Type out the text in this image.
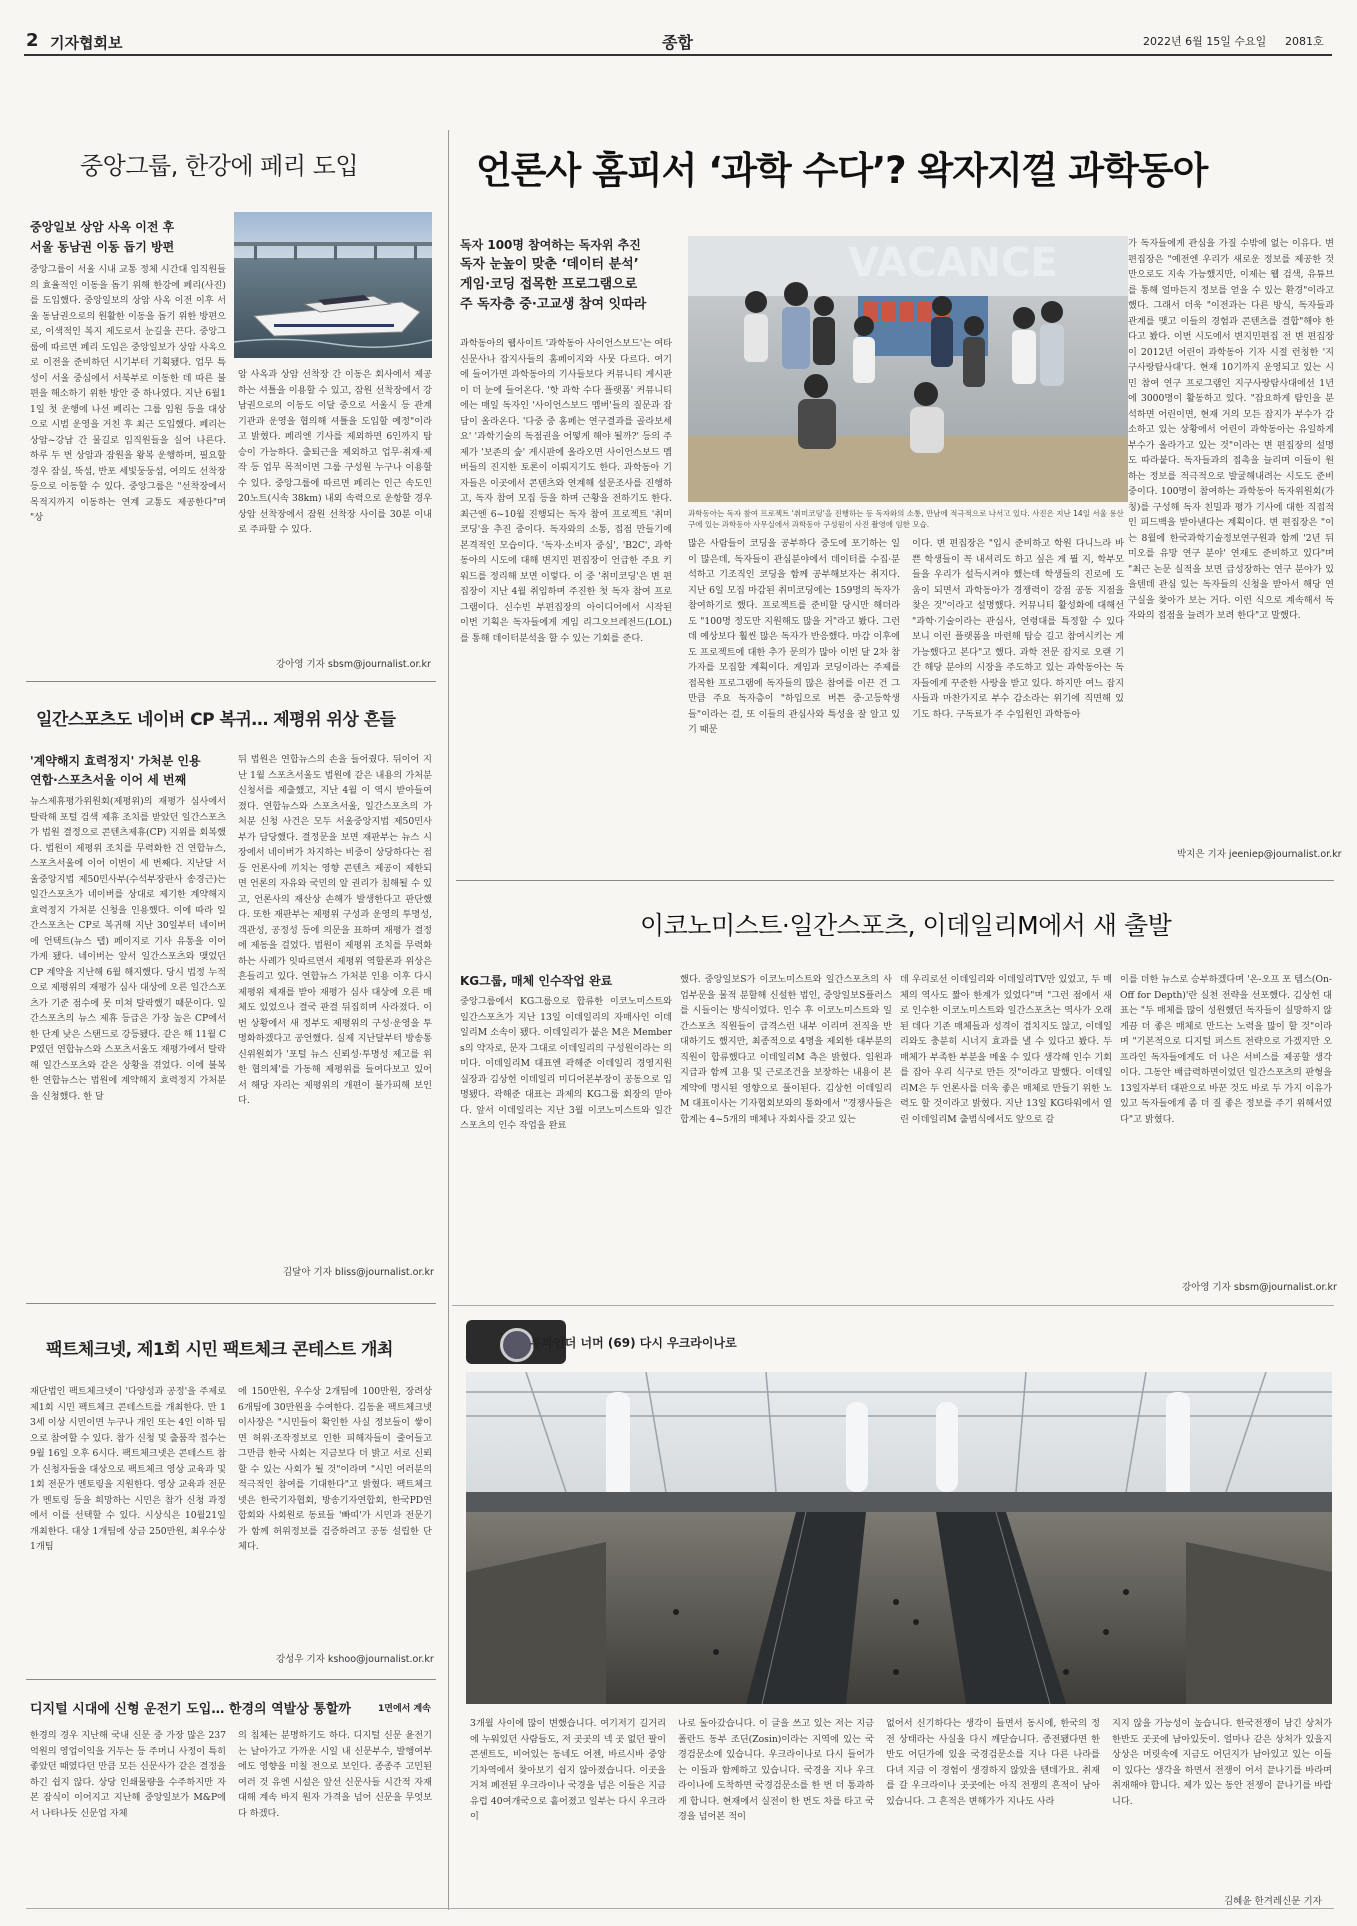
2 기자협회보	종합	2022년 6월 15일 수요일 2081호
중앙그룹, 한강에 페리 도입
중앙일보 상암 사옥 이전 후
서울 동남권 이동 돕기 방편
중앙그룹이 서울 시내 교통 정체 시간대 임직원들의 효율적인 이동을 돕기 위해 한강에 페리(사진)를 도입했다. 중앙일보의 상암 사옥 이전 이후 서울 동남권으로의 원활한 이동을 돕기 위한 방편으로, 이색적인 복지 제도로서 눈길을 끈다. 중앙그룹에 따르면 페리 도입은 중앙일보가 상암 사옥으로 이전을 준비하던 시기부터 기획됐다. 업무 특성이 서울 중심에서 서북부로 이동한 데 따른 불편을 해소하기 위한 방안 중 하나였다. 지난 6월11일 첫 운행에 나선 페리는 그룹 임원 등을 대상으로 시범 운영을 거친 후 최근 도입했다. 페리는 상암~강남 간 물길로 임직원들을 실어 나른다. 하루 두 번 상암과 잠원을 왕복 운행하며, 필요할 경우 잠실, 뚝섬, 반포 세빛둥둥섬, 여의도 선착장 등으로 이동할 수 있다. 중앙그룹은 "선착장에서 목적지까지 이동하는 연계 교통도 제공한다"며 "상
암 사옥과 상암 선착장 간 이동은 회사에서 제공하는 셔틀을 이용할 수 있고, 잠원 선착장에서 강남권으로의 이동도 이달 중으로 서울시 등 관계 기관과 운영을 협의해 셔틀을 도입할 예정"이라고 밝혔다. 페리엔 기사를 제외하면 6인까지 탑승이 가능하다. 출퇴근을 제외하고 업무·취재·제작 등 업무 목적이면 그룹 구성원 누구나 이용할 수 있다. 중앙그룹에 따르면 페리는 인근 속도인 20노트(시속 38km) 내외 속력으로 운항할 경우 상암 선착장에서 잠원 선착장 사이를 30분 이내로 주파할 수 있다.
강아영 기자 sbsm@journalist.or.kr
일간스포츠도 네이버 CP 복귀… 제평위 위상 흔들
'계약해지 효력정지' 가처분 인용
연합·스포츠서울 이어 세 번째
뉴스제휴평가위원회(제평위)의 재평가 심사에서 탈락해 포털 검색 제휴 조치를 받았던 일간스포츠가 법원 결정으로 콘텐츠제휴(CP) 지위를 회복했다. 법원이 제평위 조치를 무력화한 건 연합뉴스, 스포츠서울에 이어 이번이 세 번째다. 지난달 서울중앙지법 제50민사부(수석부장판사 송경근)는 일간스포츠가 네이버를 상대로 제기한 계약해지 효력정지 가처분 신청을 인용했다. 이에 따라 일간스포츠는 CP로 복귀해 지난 30일부터 네이버에 언택트(뉴스 탭) 페이지로 기사 유통을 이어 가게 됐다. 네이버는 앞서 일간스포츠와 맺었던 CP 계약을 지난해 6월 해지했다. 당시 법정 누적으로 제평위의 재평가 심사 대상에 오른 일간스포츠가 기준 점수에 못 미쳐 탈락했기 때문이다. 일간스포츠의 뉴스 제휴 등급은 가장 높은 CP에서 한 단계 낮은 스탠드로 강등됐다. 같은 해 11월 CP였던 연합뉴스와 스포츠서울도 재평가에서 탈락해 일간스포츠와 같은 상황을 겪었다. 이에 불복한 연합뉴스는 법원에 계약해지 효력정지 가처분을 신청했다. 한 달
뒤 법원은 연합뉴스의 손을 들어줬다. 뒤이어 지난 1월 스포츠서울도 법원에 같은 내용의 가처분 신청서를 제출했고, 지난 4월 이 역시 받아들여졌다. 연합뉴스와 스포츠서울, 일간스포츠의 가처분 신청 사건은 모두 서울중앙지법 제50민사부가 담당했다. 결정문을 보면 재판부는 뉴스 시장에서 네이버가 차지하는 비중이 상당하다는 점 등 언론사에 끼치는 영향 콘텐츠 제공이 제한되면 언론의 자유와 국민의 알 권리가 침해될 수 있고, 언론사의 재산상 손해가 발생한다고 판단했다. 또한 재판부는 제평위 구성과 운영의 투명성, 객관성, 공정성 등에 의문을 표하며 재평가 결정에 제동을 걸었다. 법원이 제평위 조치를 무력화하는 사례가 잇따르면서 제평위 역할론과 위상은 흔들리고 있다. 연합뉴스 가처분 인용 이후 다시 제평위 제재를 받아 재평가 심사 대상에 오른 매체도 있었으나 결국 판결 뒤집히며 사라졌다. 이번 상황에서 새 정부도 제평위의 구성·운영을 투명화하겠다고 공언했다. 실제 지난달부터 방송통신위원회가 '포털 뉴스 신뢰성·투명성 제고를 위한 협의체'를 가동해 제평위를 들여다보고 있어서 해당 자리는 제평위의 개편이 불가피해 보인다.
김달아 기자 bliss@journalist.or.kr
팩트체크넷, 제1회 시민 팩트체크 콘테스트 개최
재단법인 팩트체크넷이 '다양성과 공정'을 주제로 제1회 시민 팩트체크 콘테스트를 개최한다. 만 13세 이상 시민이면 누구나 개인 또는 4인 이하 팀으로 참여할 수 있다. 참가 신청 및 출품작 접수는 9월 16일 오후 6시다. 팩트체크넷은 콘테스트 참가 신청자들을 대상으로 팩트체크 영상 교육과 및 1회 전문가 멘토링을 지원한다. 영상 교육과 전문가 멘토링 등을 희망하는 시민은 참가 신청 과정에서 이를 선택할 수 있다. 시상식은 10월21일 개최한다. 대상 1개팀에 상금 250만원, 최우수상 1개팀
에 150만원, 우수상 2개팀에 100만원, 장려상 6개팀에 30만원을 수여한다. 김동윤 팩트체크넷 이사장은 "시민들이 확인한 사실 정보들이 쌓이면 허위·조작정보로 인한 피해자들이 줄어들고 그만큼 한국 사회는 지금보다 더 밝고 서로 신뢰할 수 있는 사회가 될 것"이라며 "시민 여러분의 적극적인 참여를 기대한다"고 밝혔다. 팩트체크넷은 한국기자협회, 방송기자연합회, 한국PD연합회와 사회원로 동료들 '빠띠'가 시민과 전문기가 함께 허위정보를 검증하려고 공동 설립한 단체다.
강성우 기자 kshoo@journalist.or.kr
디지털 시대에 신형 운전기 도입… 한경의 역발상 통할까	1면에서 계속
한경의 경우 지난해 국내 신문 중 가장 많은 237억원의 영업이익을 거두는 등 주머니 사정이 특히 좋았던 때였다던 만큼 모든 신문사가 같은 결정을 하긴 쉽지 않다. 상당 인쇄물량을 수주하지만 자본 잠식이 이어지고 지난해 중앙일보가 M&P에서 나타나듯 신문업 자체
의 침체는 분명하기도 하다. 디지털 신문 윤전기는 날아가고 가까운 시일 내 신문부수, 발행여부에도 영향을 미칠 전으로 보인다. 종종주 고민된 여러 것 유엔 시설은 앞선 신문사들 시간적 자재 대해 계속 바지 원자 가격을 넘어 신문을 무엇보다 하겠다.
언론사 홈피서 ‘과학 수다’? 왁자지껄 과학동아
독자 100명 참여하는 독자위 추진
독자 눈높이 맞춘 ‘데이터 분석’
게임·코딩 접목한 프로그램으로
주 독자층 중·고교생 참여 잇따라
과학동아의 웹사이트 '과학동아 사이언스보드'는 여타 신문사나 잡지사들의 홈페이지와 사뭇 다르다. 여기에 들어가면 과학동아의 기사들보다 커뮤니티 게시판이 더 눈에 들어온다. '핫 과학 수다 플랫폼' 커뮤니티에는 매일 독자인 '사이언스보드 멤버'들의 질문과 잡담이 올라온다. '다중 중 홈페는 연구결과를 골라보세요' '과학기술의 독점권을 어떻게 해야 될까?' 등의 주제가 '보존의 숲' 게시판에 올라오면 사이언스보드 멤버들의 진지한 토론이 이뤄지기도 한다. 과학동아 기자들은 이곳에서 콘텐츠와 연계해 설문조사를 진행하고, 독자 참여 모집 등을 하며 근황을 전하기도 한다. 최근엔 6~10월 진행되는 독자 참여 프로젝트 '취미 코딩'을 추진 중이다. 독자와의 소통, 접점 만들기에 본격적인 모습이다. '독자·소비자 중심', 'B2C', 과학동아의 시도에 대해 변지민 편집장이 언급한 주요 키워드를 정리해 보면 이렇다. 이 중 '취미코딩'은 변 편집장이 지난 4월 취임하며 주진한 첫 독자 참여 프로그램이다. 신수빈 부편집장의 아이디어에서 시작된 이번 기획은 독자들에게 게임 리그오브레전드(LOL)를 통해 데이터분석을 할 수 있는 기회를 준다.
VACANCE
과학동아는 독자 참여 프로젝트 '취미코딩'을 진행하는 등 독자와의 소통, 만남에 적극적으로 나서고 있다. 사진은 지난 14일 서울 용산구에 있는 과학동아 사무실에서 과학동아 구성원이 사진 촬영에 임한 모습.
많은 사람들이 코딩을 공부하다 중도에 포기하는 일이 많은데, 독자들이 관심분야에서 데이터를 수집·분석하고 기조직인 코딩을 함께 공부해보자는 취지다. 지난 6일 모집 마감된 취미코딩에는 159명의 독자가 참여하기로 했다. 프로젝트를 준비할 당시만 해더라도 "100명 정도만 지원해도 많을 거"라고 봤다. 그런데 예상보다 훨씬 많은 독자가 반응했다. 마감 이후에도 프로젝트에 대한 추가 문의가 많아 이번 달 2차 참가자를 모집할 계획이다. 게임과 코딩이라는 주제를 접목한 프로그램에 독자들의 많은 참여를 이끈 건 그만큼 주요 독자층이 "하입으로 버튼 중·고등학생들"이라는 걸, 또 이들의 관심사와 특성을 잘 알고 있기 때문
이다. 변 편집장은 "입시 준비하고 학원 다니느라 바쁜 학생들이 꼭 내셔리도 하고 싶은 게 뭘 지, 학부모들을 우리가 설득시켜야 했는데 학생들의 진로에 도움이 되면서 과학동아가 경쟁력이 강점 공동 지점을 찾은 것"이라고 설명했다. 커뮤니티 활성화에 대해선 "과학·기술이라는 관심사, 연령대를 특정할 수 있다 보니 이런 플랫폼을 마련해 탑승 길고 참여시키는 게 가능했다고 본다"고 했다. 과학 전문 잡지로 오랜 기간 해당 분야의 시장을 주도하고 있는 과학동아는 독자들에게 꾸준한 사랑을 받고 있다. 하지만 여느 잡지사들과 마찬가지로 부수 감소라는 위기에 직면해 있기도 하다. 구독료가 주 수입원인 과학동아
가 독자들에게 관심을 가질 수밖에 없는 이유다. 변 편집장은 "예전엔 우리가 새로운 정보를 제공한 것만으로도 지속 가능했지만, 이제는 웹 검색, 유튜브를 통해 얼마든지 정보를 얻을 수 있는 환경"이라고 했다. 그래서 더욱 "이전과는 다른 방식, 독자들과 관계를 맺고 이들의 경험과 콘텐츠를 결합"해야 한다고 봤다. 이번 시도에서 변지민편집 전 변 편집장이 2012년 어린이 과학동아 기자 시절 런칭한 '지구사랑탐사대'다. 현재 10기까지 운영되고 있는 시민 참여 연구 프로그램인 지구사랑탐사대에선 1년에 3000명이 활동하고 있다. "잡요하게 탐인을 분석하면 어린이면, 현재 거의 모든 잡지가 부수가 감소하고 있는 상황에서 어린이 과학동아는 유일하게 부수가 올라가고 있는 것"이라는 변 편집장의 설명도 따라붙다. 독자들과의 접촉을 늘리며 이들이 원하는 정보를 적극적으로 발굴해내려는 시도도 준비 중이다. 100명이 참여하는 과학동아 독자위원회(가칭)를 구성해 독자 친밀과 평가 기사에 대한 직접적인 피드백을 받아낸다는 계획이다. 변 편집장은 "이는 8월에 한국과학기술정보연구원과 함께 '2년 뒤 미오를 유망 연구 분야' 연재도 준비하고 있다"며 "최근 논문 실적을 보면 급성장하는 연구 분야가 있을텐데 관심 있는 독자들의 신청을 받아서 해당 연구실을 찾아가 보는 거다. 이런 식으로 계속해서 독자와의 접점을 늘려가 보려 한다"고 말했다.
박지은 기자 jeeniep@journalist.or.kr
이코노미스트·일간스포츠, 이데일리M에서 새 출발
KG그룹, 매체 인수작업 완료
중앙그룹에서 KG그룹으로 합류한 이코노미스트와 일간스포츠가 지난 13일 이데일리의 자매사인 이데일리M 소속이 됐다. 이데일리가 붙은 M은 Members의 약자로, 문자 그대로 이데일리의 구성원이라는 의미다. 이데일리M 대표엔 곽해준 이데일리 경영지원실장과 김상헌 이데일리 미디어본부장이 공동으로 임명됐다. 곽해준 대표는 과제의 KG그룹 회장의 맏아다. 앞서 이데일리는 지난 3월 이코노미스트와 일간스포츠의 인수 작업을 완료
했다. 중앙일보S가 이코노미스트와 일간스포츠의 사업부문을 물적 분할해 신설한 법인, 중앙일보S플러스를 시들이는 방식이었다. 인수 후 이코노미스트와 일간스포츠 직원들이 급격스런 내부 이리며 전직을 반대하기도 했지만, 최종적으로 4명을 제외한 대부분의 직원이 합류했다고 이데일리M 측은 밝혔다. 임원과 지급과 함께 고용 및 근로조건을 보장하는 내용이 본 계약에 명시된 영향으로 풀이된다. 김상헌 이데일리M 대표이사는 기자협회보와의 통화에서 "경쟁사들은 합계는 4~5개의 매체나 자회사를 갖고 있는
데 우리로선 이데일리와 이데일리TV만 있었고, 두 매체의 역사도 짧아 한계가 있었다"며 "그런 점에서 새로 인수한 이코노미스트와 일간스포츠는 역사가 오래된 데다 기존 매체들과 성격이 겹치지도 않고, 이데일리와도 충분히 시너지 효과를 낼 수 있다고 봤다. 두 매체가 부족한 부분을 메울 수 있다 생각해 인수 기회를 잡아 우리 식구로 만든 것"이라고 말했다. 이데일리M은 두 언론사를 더욱 좋은 매체로 만들기 위한 노력도 할 것이라고 밝혔다. 지난 13일 KG타워에서 열린 이데일리M 출범식에서도 앞으로 갈
이를 더한 뉴스로 승부하겠다며 '온-오프 포 템스(On-Off for Depth)'란 실천 전략을 선포했다. 김상헌 대표는 "두 매체를 많이 성원했던 독자들이 실망하지 않게끔 더 좋은 매체로 만드는 노력을 많이 할 것"이라며 "기본적으로 디지털 퍼스트 전략으로 가겠지만 오프라인 독자들에게도 더 나은 서비스를 제공할 생각이다. 그동안 배급력하면이었던 일간스포츠의 판형을 13일자부터 대판으로 바꾼 것도 바로 두 가지 이유가 있고 독자들에게 좀 더 질 좋은 정보를 주기 위해서였다"고 밝혔다.
강아영 기자 sbsm@journalist.or.kr
뷰파인더 너머 (69) 다시 우크라이나로
3개월 사이에 많이 변했습니다. 여기저기 길거리에 누워있던 사람들도, 저 곳곳의 넥 곳 없던 팔이 콘센트도, 비어있는 동네도 어젠, 바르시바 중앙 기차역에서 찾아보기 쉽지 않아졌습니다. 이곳을 거쳐 폐전된 우크라이나 국경을 넘은 이들은 지금 유럽 40여개국으로 흩어졌고 일부는 다시 우크라이
나로 돌아갔습니다. 이 글을 쓰고 있는 저는 지금 폴란드 동부 조딘(Zosin)이라는 지역에 있는 국경검문소에 있습니다. 우크라이나로 다시 들어가는 이들과 함께하고 있습니다. 국경을 지나 우크라이나에 도착하면 국경검문소를 한 번 더 통과하게 합니다. 현재에서 실전이 한 번도 차를 타고 국경을 넘어본 적이
없어서 신기하다는 생각이 들면서 동시에, 한국의 정전 상태라는 사실을 다시 깨닫습니다. 종전됐다면 한반도 어딘가에 있을 국경검문소를 지나 다른 나라를 다녀 지금 이 경험이 생경하지 않았을 텐데가요. 취재를 갈 우크라이나 곳곳에는 아직 전쟁의 흔적이 남아있습니다. 그 흔적은 변해가가 지나도 사라
지지 않을 가능성이 높습니다. 한국전쟁이 남긴 상처가 한반도 곳곳에 남아있듯이. 얼마나 같은 상처가 있을지 상상은 머릿속에 지금도 어딘지가 남아있고 있는 이들이 있다는 생각을 하면서 전쟁이 어서 끝나기를 바라며 취재해야 합니다. 제가 있는 동안 전쟁이 끝나기를 바랍니다.
김혜윤 한겨레신문 기자
